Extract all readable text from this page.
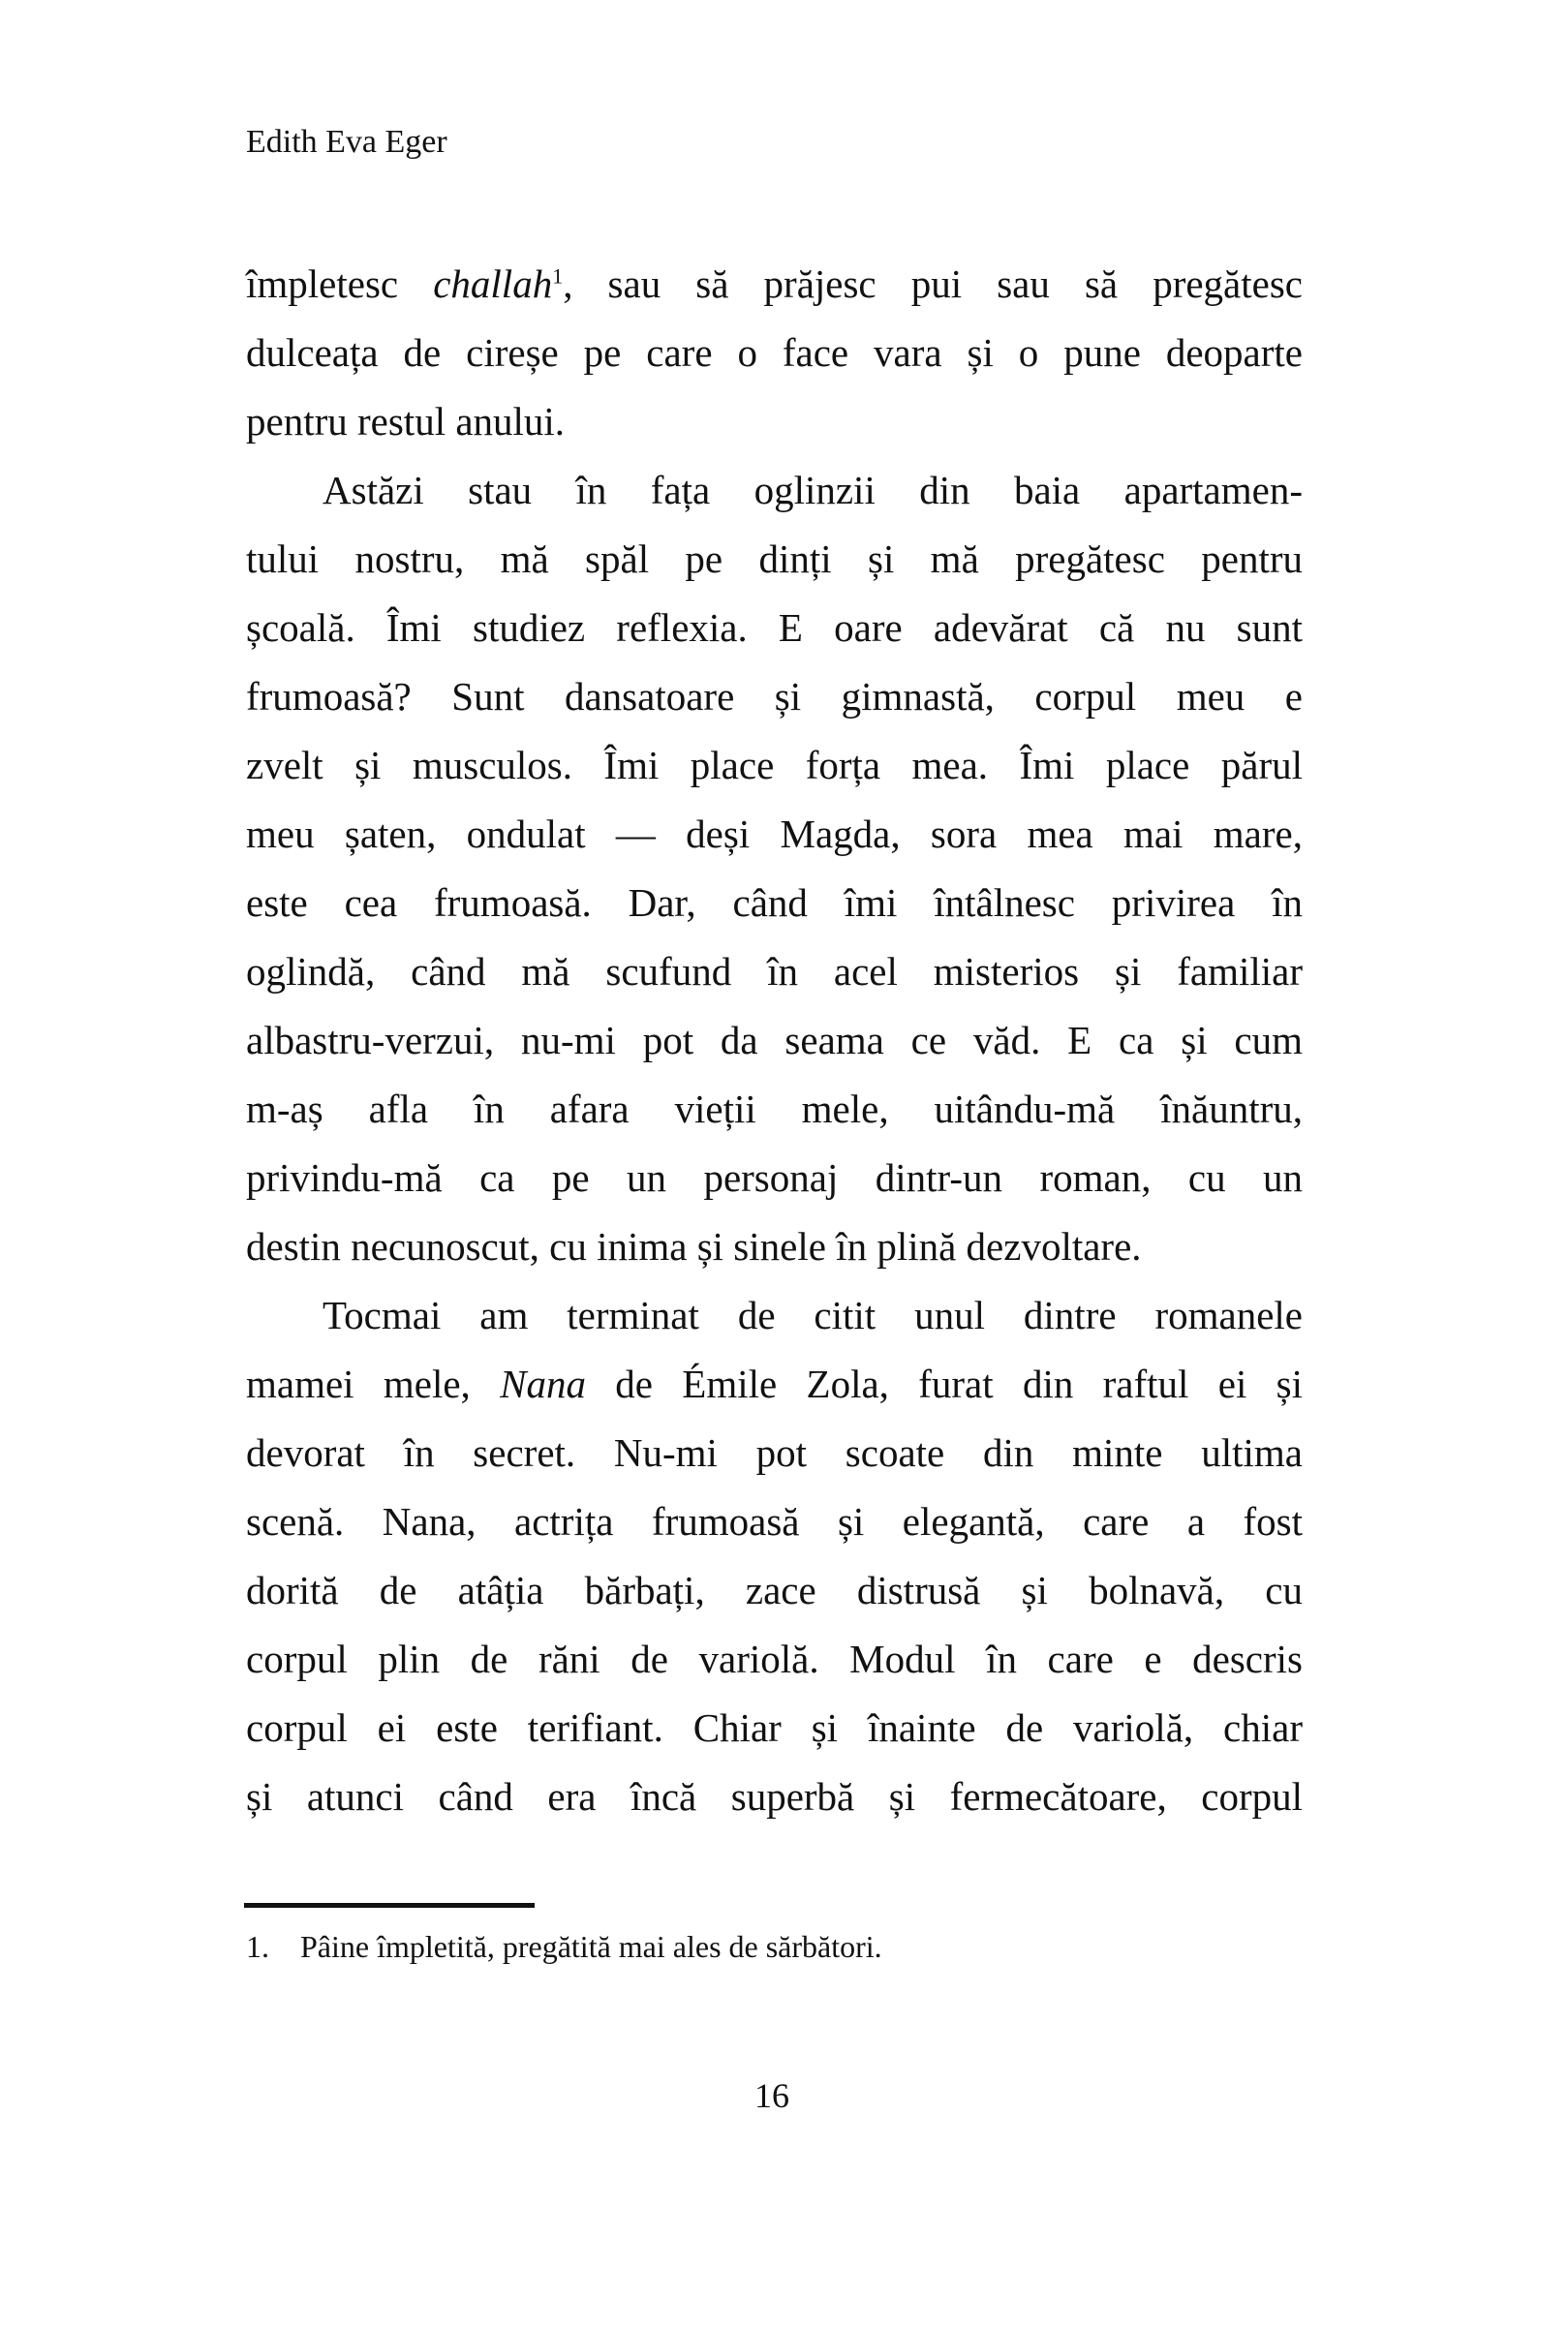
Edith Eva Eger
împletesc challah$^1$, sau să prăjesc pui sau să pregătesc
dulceața de cireșe pe care o face vara și o pune deoparte
pentru restul anului.
Astăzi stau în fața oglinzii din baia apartamen-
tului nostru, mă spăl pe dinți și mă pregătesc pentru
școală. Îmi studiez reflexia. E oare adevărat că nu sunt
frumoasă? Sunt dansatoare și gimnastă, corpul meu e
zvelt și musculos. Îmi place forța mea. Îmi place părul
meu șaten, ondulat — deși Magda, sora mea mai mare,
este cea frumoasă. Dar, când îmi întâlnesc privirea în
oglindă, când mă scufund în acel misterios și familiar
albastru-verzui, nu-mi pot da seama ce văd. E ca și cum
m-aș afla în afara vieții mele, uitându-mă înăuntru,
privindu-mă ca pe un personaj dintr-un roman, cu un
destin necunoscut, cu inima și sinele în plină dezvoltare.
Tocmai am terminat de citit unul dintre romanele
mamei mele, Nana de Émile Zola, furat din raftul ei și
devorat în secret. Nu-mi pot scoate din minte ultima
scenă. Nana, actrița frumoasă și elegantă, care a fost
dorită de atâția bărbați, zace distrusă și bolnavă, cu
corpul plin de răni de variolă. Modul în care e descris
corpul ei este terifiant. Chiar și înainte de variolă, chiar
și atunci când era încă superbă și fermecătoare, corpul
1. Pâine împletită, pregătită mai ales de sărbători.
16
